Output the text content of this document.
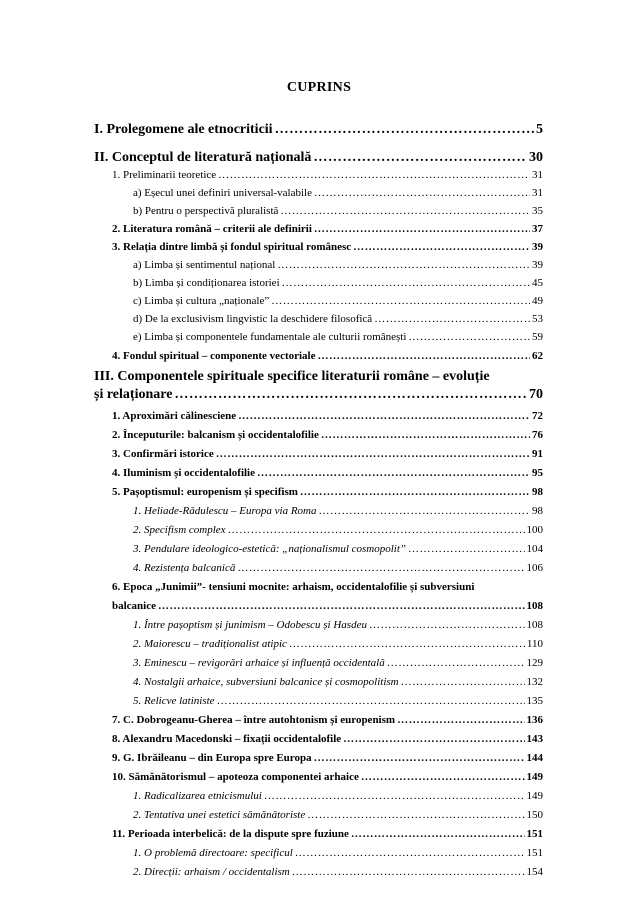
CUPRINS
I. Prolegomene ale etnocriticii ……………………………………………………………………………………………………………………………………………………………………………………………………	5
II. Conceptul de literatură națională ……………………………………………………………………………………………………………………………………………………………………………………………………	30
1. Preliminarii teoretice ……………………………………………………………………………………………………………………………………………………………………………………………………	31
a) Eșecul unei definiri universal-valabile ……………………………………………………………………………………………………………………………………………………………………………………………………	31
b) Pentru o perspectivă pluralistă ……………………………………………………………………………………………………………………………………………………………………………………………………	35
2. Literatura română – criterii ale definirii ……………………………………………………………………………………………………………………………………………………………………………………………………	37
3. Relația dintre limbă și fondul spiritual românesc ……………………………………………………………………………………………………………………………………………………………………………………………………	39
a) Limba și sentimentul național ……………………………………………………………………………………………………………………………………………………………………………………………………	39
b) Limba și condiționarea istoriei ……………………………………………………………………………………………………………………………………………………………………………………………………	45
c) Limba și cultura „naționale” ……………………………………………………………………………………………………………………………………………………………………………………………………	49
d) De la exclusivism lingvistic la deschidere filosofică ……………………………………………………………………………………………………………………………………………………………………………………………………	53
e) Limba și componentele fundamentale ale culturii românești ……………………………………………………………………………………………………………………………………………………………………………………………………	59
4. Fondul spiritual – componente vectoriale ……………………………………………………………………………………………………………………………………………………………………………………………………	62
III. Componentele spirituale specifice literaturii române – evoluție
și relaționare ……………………………………………………………………………………………………………………………………………………………………………………………………	70
1. Aproximări călinesciene ……………………………………………………………………………………………………………………………………………………………………………………………………	72
2. Începuturile: balcanism și occidentalofilie ……………………………………………………………………………………………………………………………………………………………………………………………………	76
3. Confirmări istorice ……………………………………………………………………………………………………………………………………………………………………………………………………	91
4. Iluminism și occidentalofilie ……………………………………………………………………………………………………………………………………………………………………………………………………	95
5. Pașoptismul: europenism și specifism ……………………………………………………………………………………………………………………………………………………………………………………………………	98
1. Heliade-Rădulescu – Europa via Roma ……………………………………………………………………………………………………………………………………………………………………………………………………	98
2. Specifism complex ……………………………………………………………………………………………………………………………………………………………………………………………………	100
3. Pendulare ideologico-estetică: „naționalismul cosmopolit” ……………………………………………………………………………………………………………………………………………………………………………………………………	104
4. Rezistența balcanică ……………………………………………………………………………………………………………………………………………………………………………………………………	106
6. Epoca „Junimii”- tensiuni mocnite: arhaism, occidentalofilie și subversiuni
balcanice ……………………………………………………………………………………………………………………………………………………………………………………………………	108
1. Între pașoptism și junimism – Odobescu și Hasdeu ……………………………………………………………………………………………………………………………………………………………………………………………………	108
2. Maiorescu – tradiționalist atipic ……………………………………………………………………………………………………………………………………………………………………………………………………	110
3. Eminescu – revigorări arhaice și influență occidentală ……………………………………………………………………………………………………………………………………………………………………………………………………	129
4. Nostalgii arhaice, subversiuni balcanice și cosmopolitism ……………………………………………………………………………………………………………………………………………………………………………………………………	132
5. Relicve latiniste ……………………………………………………………………………………………………………………………………………………………………………………………………	135
7. C. Dobrogeanu-Gherea – între autohtonism și europenism ……………………………………………………………………………………………………………………………………………………………………………………………………	136
8. Alexandru Macedonski – fixații occidentalofile ……………………………………………………………………………………………………………………………………………………………………………………………………	143
9. G. Ibrăileanu – din Europa spre Europa ……………………………………………………………………………………………………………………………………………………………………………………………………	144
10. Sămănătorismul – apoteoza componentei arhaice ……………………………………………………………………………………………………………………………………………………………………………………………………	149
1. Radicalizarea etnicismului ……………………………………………………………………………………………………………………………………………………………………………………………………	149
2. Tentativa unei estetici sămănătoriste ……………………………………………………………………………………………………………………………………………………………………………………………………	150
11. Perioada interbelică: de la dispute spre fuziune ……………………………………………………………………………………………………………………………………………………………………………………………………	151
1. O problemă directoare: specificul ……………………………………………………………………………………………………………………………………………………………………………………………………	151
2. Direcții: arhaism / occidentalism ……………………………………………………………………………………………………………………………………………………………………………………………………	154
